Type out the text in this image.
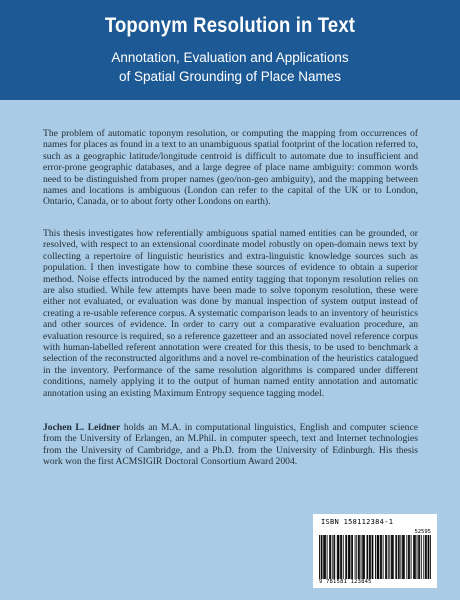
Toponym Resolution in Text
Annotation, Evaluation and Applications
of Spatial Grounding of Place Names

The problem of automatic toponym resolution, or computing the mapping from occurrences of names for places as found in a text to an unambiguous spatial footprint of the location referred to, such as a geographic latitude/longitude centroid is difficult to automate due to insufficient and error-prone geographic databases, and a large degree of place name ambiguity: common words need to be distinguished from proper names (geo/non-geo ambiguity), and the mapping between names and locations is ambiguous (London can refer to the capital of the UK or to London, Ontario, Canada, or to about forty other Londons on earth).

This thesis investigates how referentially ambiguous spatial named entities can be grounded, or resolved, with respect to an extensional coordinate model robustly on open-domain news text by collecting a repertoire of linguistic heuristics and extra-linguistic knowledge sources such as population. I then investigate how to combine these sources of evidence to obtain a superior method. Noise effects introduced by the named entity tagging that toponym resolution relies on are also studied. While few attempts have been made to solve toponym resolution, these were either not evaluated, or evaluation was done by manual inspection of system output instead of creating a re-usable reference corpus. A systematic comparison leads to an inventory of heuristics and other sources of evidence. In order to carry out a comparative evaluation procedure, an evaluation resource is required, so a reference gazetteer and an associated novel reference corpus with human-labelled referent annotation were created for this thesis, to be used to benchmark a selection of the reconstructed algorithms and a novel re-combination of the heuristics catalogued in the inventory. Performance of the same resolution algorithms is compared under different conditions, namely applying it to the output of human named entity annotation and automatic annotation using an existing Maximum Entropy sequence tagging model.

Jochen L. Leidner holds an M.A. in computational linguistics, English and computer science from the University of Erlangen, an M.Phil. in computer speech, text and Internet technologies from the University of Cambridge, and a Ph.D. from the University of Edinburgh. His thesis work won the first ACMSIGIR Doctoral Consortium Award 2004.

ISBN 158112384-1
52595
9 781581 123845
